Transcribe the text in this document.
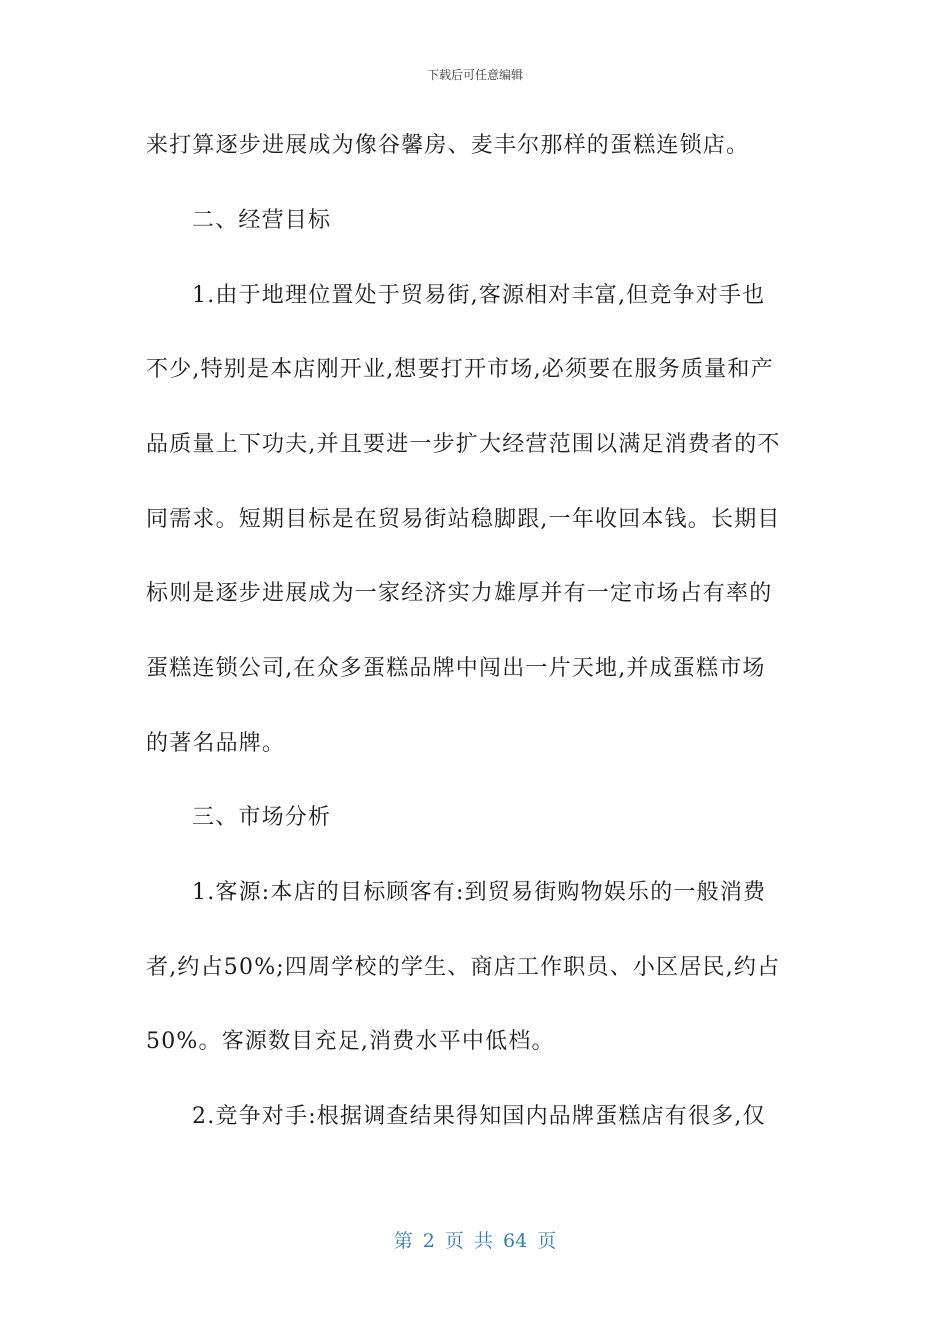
下载后可任意编辑
来打算逐步进展成为像谷馨房、麦丰尔那样的蛋糕连锁店。
二、经营目标
1.由于地理位置处于贸易街,客源相对丰富,但竞争对手也
不少,特别是本店刚开业,想要打开市场,必须要在服务质量和产
品质量上下功夫,并且要进一步扩大经营范围以满足消费者的不
同需求。短期目标是在贸易街站稳脚跟,一年收回本钱。长期目
标则是逐步进展成为一家经济实力雄厚并有一定市场占有率的
蛋糕连锁公司,在众多蛋糕品牌中闯出一片天地,并成蛋糕市场
的著名品牌。
三、市场分析
1.客源:本店的目标顾客有:到贸易街购物娱乐的一般消费
者,约占50%;四周学校的学生、商店工作职员、小区居民,约占
50%。客源数目充足,消费水平中低档。
2.竞争对手:根据调查结果得知国内品牌蛋糕店有很多,仅
第 2 页 共 64 页
